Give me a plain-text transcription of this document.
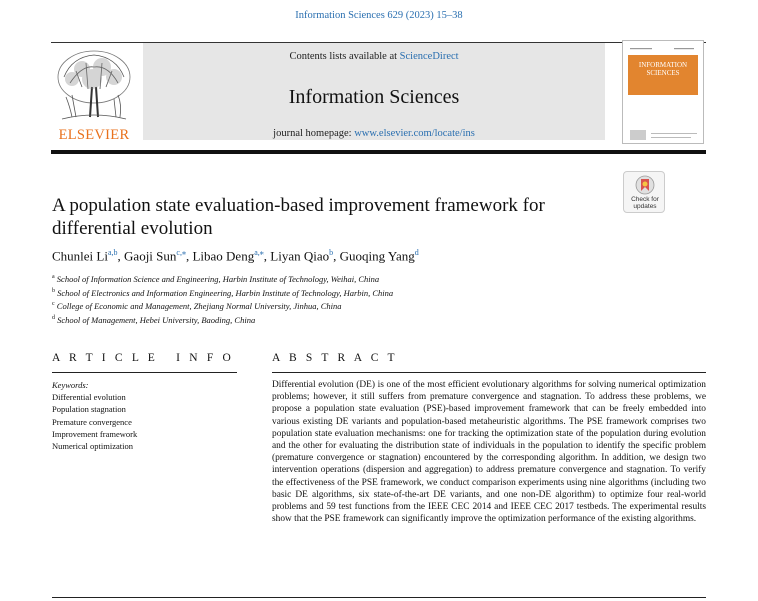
Information Sciences 629 (2023) 15–38
ELSEVIER
Contents lists available at ScienceDirect
Information Sciences
journal homepage: www.elsevier.com/locate/ins
INFORMATION SCIENCES
Check for updates
A population state evaluation-based improvement framework for differential evolution
Chunlei Li$^{a,b}$, Gaoji Sun$^{c,⁎}$, Libao Deng$^{a,⁎}$, Liyan Qiao$^b$, Guoqing Yang$^d$
$^a$ School of Information Science and Engineering, Harbin Institute of Technology, Weihai, China
$^b$ School of Electronics and Information Engineering, Harbin Institute of Technology, Harbin, China
$^c$ College of Economic and Management, Zhejiang Normal University, Jinhua, China
$^d$ School of Management, Hebei University, Baoding, China
A R T I C L E   I N F O
Keywords:
Differential evolution
Population stagnation
Premature convergence
Improvement framework
Numerical optimization
A B S T R A C T
Differential evolution (DE) is one of the most efficient evolutionary algorithms for solving numerical optimization problems; however, it still suffers from premature convergence and stagnation. To address these problems, we propose a population state evaluation (PSE)-based improvement framework that can be freely embedded into various existing DE variants and population-based metaheuristic algorithms. The PSE framework comprises two population state evaluation mechanisms: one for tracking the optimization state of the population during evolution and the other for evaluating the distribution state of individuals in the population to identify the specific problem (premature convergence or stagnation) encountered by the corresponding algorithm. In addition, we design two intervention operations (dispersion and aggregation) to address premature convergence and stagnation. To verify the effectiveness of the PSE framework, we conduct comparison experiments using nine algorithms (including two basic DE algorithms, six state-of-the-art DE variants, and one non-DE algorithm) to optimize four real-world problems and 59 test functions from the IEEE CEC 2014 and IEEE CEC 2017 testbeds. The experimental results show that the PSE framework can significantly improve the optimization performance of the existing algorithms.
